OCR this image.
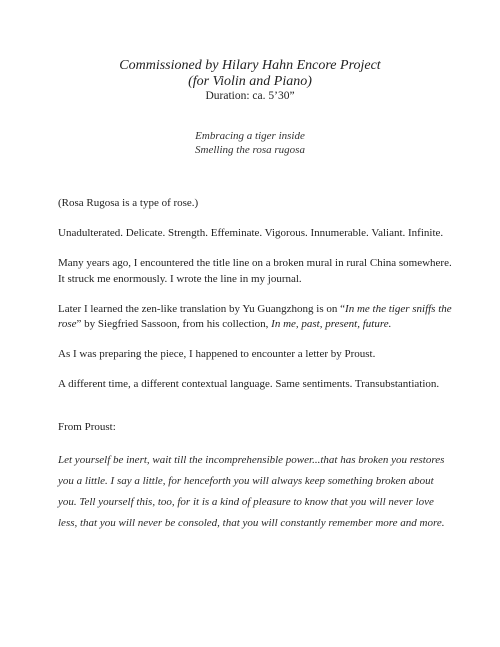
Commissioned by Hilary Hahn Encore Project
(for Violin and Piano)
Duration: ca. 5’30”
Embracing a tiger inside
Smelling the rosa rugosa

(Rosa Rugosa is a type of rose.)

Unadulterated. Delicate. Strength. Effeminate. Vigorous. Innumerable. Valiant. Infinite.

Many years ago, I encountered the title line on a broken mural in rural China somewhere. It struck me enormously. I wrote the line in my journal.

Later I learned the zen-like translation by Yu Guangzhong is on “In me the tiger sniffs the rose” by Siegfried Sassoon, from his collection, In me, past, present, future.

As I was preparing the piece, I happened to encounter a letter by Proust.

A different time, a different contextual language. Same sentiments. Transubstantiation.

From Proust:

Let yourself be inert, wait till the incomprehensible power...that has broken you restores you a little. I say a little, for henceforth you will always keep something broken about you. Tell yourself this, too, for it is a kind of pleasure to know that you will never love less, that you will never be consoled, that you will constantly remember more and more.
